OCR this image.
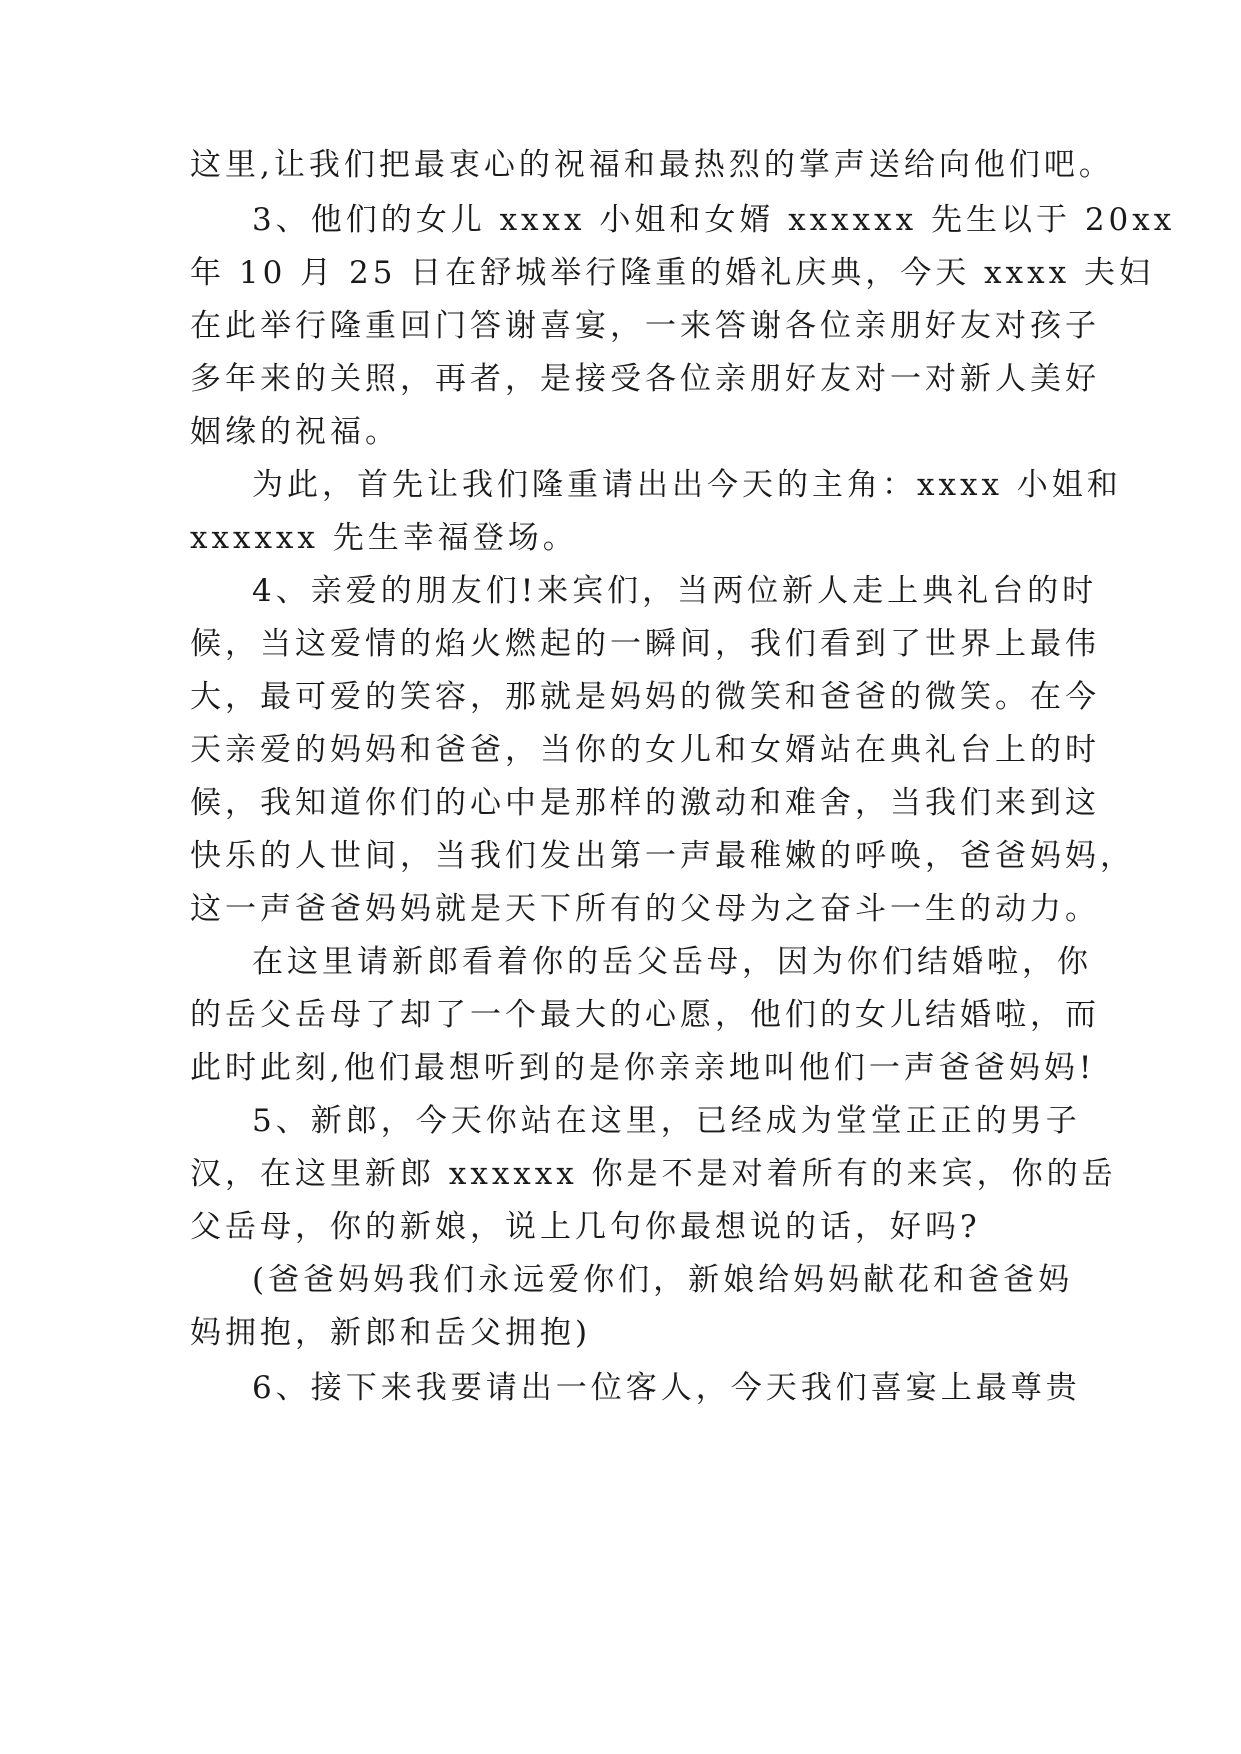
这里,让我们把最衷心的祝福和最热烈的掌声送给向他们吧。
3、他们的女儿 xxxx 小姐和女婿 xxxxxx 先生以于 20xx
年 10 月 25 日在舒城举行隆重的婚礼庆典，今天 xxxx 夫妇
在此举行隆重回门答谢喜宴，一来答谢各位亲朋好友对孩子
多年来的关照，再者，是接受各位亲朋好友对一对新人美好
姻缘的祝福。
为此，首先让我们隆重请出出今天的主角：xxxx 小姐和
xxxxxx 先生幸福登场。
4、亲爱的朋友们!来宾们，当两位新人走上典礼台的时
候，当这爱情的焰火燃起的一瞬间，我们看到了世界上最伟
大，最可爱的笑容，那就是妈妈的微笑和爸爸的微笑。在今
天亲爱的妈妈和爸爸，当你的女儿和女婿站在典礼台上的时
候，我知道你们的心中是那样的激动和难舍，当我们来到这
快乐的人世间，当我们发出第一声最稚嫩的呼唤，爸爸妈妈，
这一声爸爸妈妈就是天下所有的父母为之奋斗一生的动力。
在这里请新郎看着你的岳父岳母，因为你们结婚啦，你
的岳父岳母了却了一个最大的心愿，他们的女儿结婚啦，而
此时此刻,他们最想听到的是你亲亲地叫他们一声爸爸妈妈!
5、新郎，今天你站在这里，已经成为堂堂正正的男子
汉，在这里新郎 xxxxxx 你是不是对着所有的来宾，你的岳
父岳母，你的新娘，说上几句你最想说的话，好吗?
(爸爸妈妈我们永远爱你们，新娘给妈妈献花和爸爸妈
妈拥抱，新郎和岳父拥抱)
6、接下来我要请出一位客人，今天我们喜宴上最尊贵
